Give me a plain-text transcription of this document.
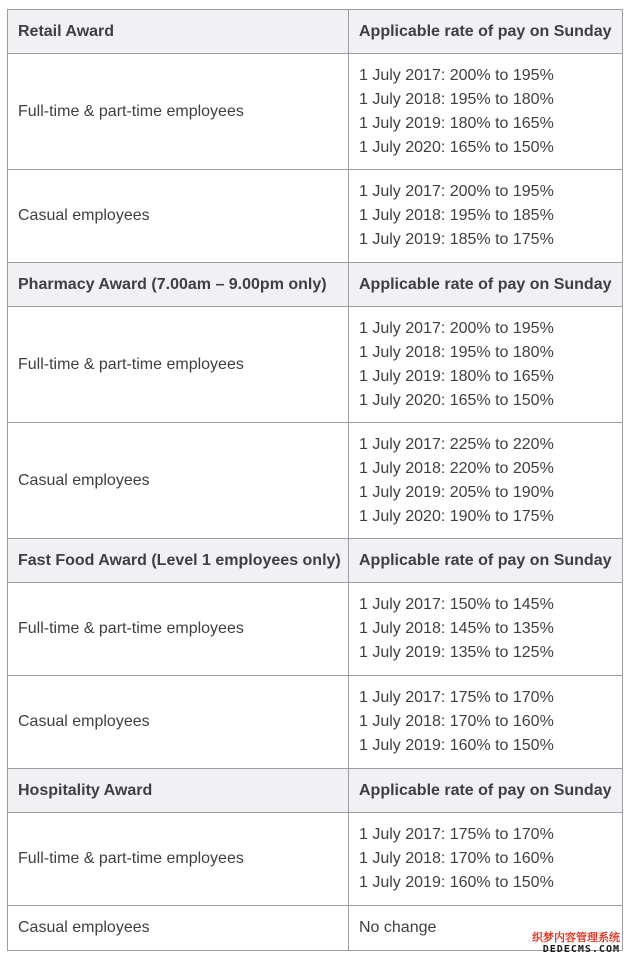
Retail Award	Applicable rate of pay on Sunday
Full-time & part-time employees	1 July 2017: 200% to 195%
1 July 2018: 195% to 180%
1 July 2019: 180% to 165%
1 July 2020: 165% to 150%

Casual employees	1 July 2017: 200% to 195%
1 July 2018: 195% to 185%
1 July 2019: 185% to 175%

Pharmacy Award (7.00am – 9.00pm only)	Applicable rate of pay on Sunday
Full-time & part-time employees	1 July 2017: 200% to 195%
1 July 2018: 195% to 180%
1 July 2019: 180% to 165%
1 July 2020: 165% to 150%

Casual employees	1 July 2017: 225% to 220%
1 July 2018: 220% to 205%
1 July 2019: 205% to 190%
1 July 2020: 190% to 175%

Fast Food Award (Level 1 employees only)	Applicable rate of pay on Sunday
Full-time & part-time employees	1 July 2017: 150% to 145%
1 July 2018: 145% to 135%
1 July 2019: 135% to 125%

Casual employees	1 July 2017: 175% to 170%
1 July 2018: 170% to 160%
1 July 2019: 160% to 150%

Hospitality Award	Applicable rate of pay on Sunday
Full-time & part-time employees	1 July 2017: 175% to 170%
1 July 2018: 170% to 160%
1 July 2019: 160% to 150%

Casual employees	No change
织梦内容管理系统
DEDECMS.COM
